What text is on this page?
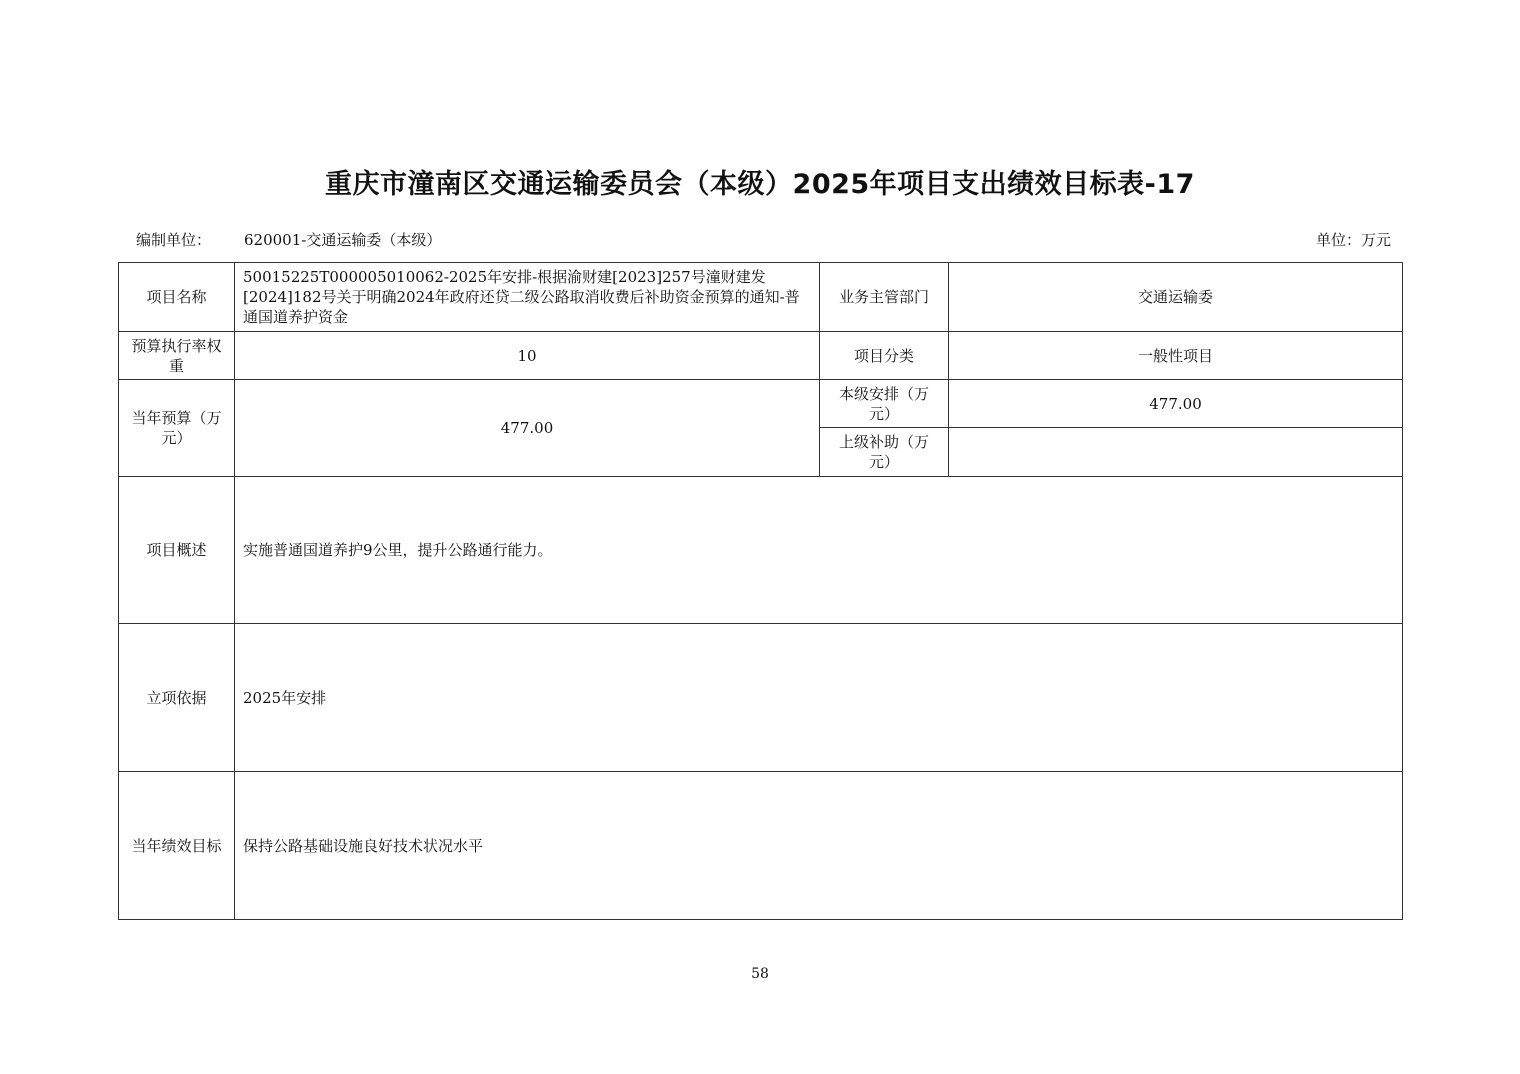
重庆市潼南区交通运输委员会（本级）2025年项目支出绩效目标表-17
编制单位： 620001-交通运输委（本级）	单位：万元
项目名称	50015225T000005010062-2025年安排-根据渝财建[2023]257号潼财建发[2024]182号关于明确2024年政府还贷二级公路取消收费后补助资金预算的通知-普通国道养护资金	业务主管部门	交通运输委
预算执行率权重	10	项目分类	一般性项目
当年预算（万元）	477.00	本级安排（万元）	477.00
		上级补助（万元）	
项目概述	实施普通国道养护9公里，提升公路通行能力。		
立项依据	2025年安排		
当年绩效目标	保持公路基础设施良好技术状况水平		
58
